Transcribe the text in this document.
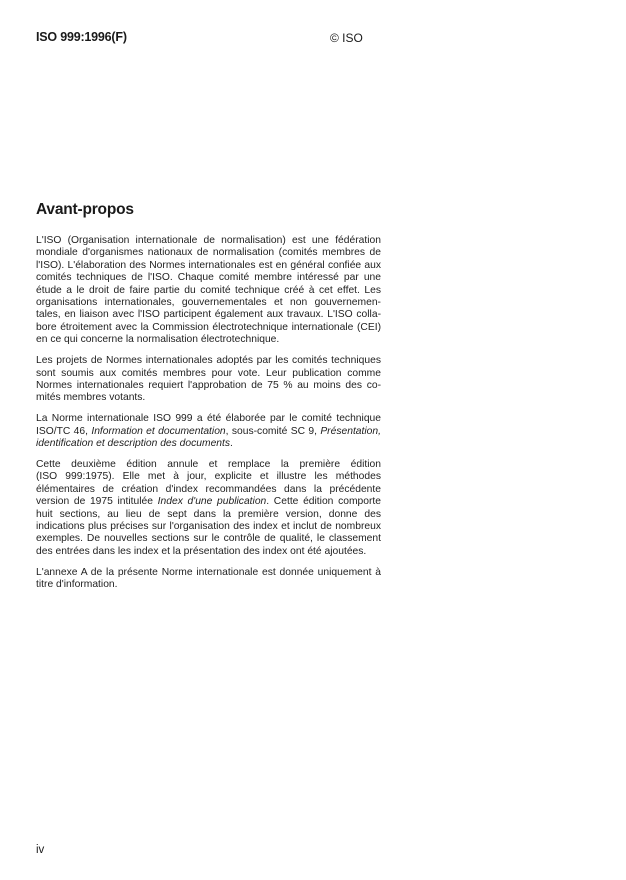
ISO 999:1996(F)	© ISO
Avant-propos
L'ISO (Organisation internationale de normalisation) est une fédération
mondiale d'organismes nationaux de normalisation (comités membres de
l'ISO). L'élaboration des Normes internationales est en général confiée aux
comités techniques de l'ISO. Chaque comité membre intéressé par une
étude a le droit de faire partie du comité technique créé à cet effet. Les
organisations internationales, gouvernementales et non gouvernemen-
tales, en liaison avec l'ISO participent également aux travaux. L'ISO colla-
bore étroitement avec la Commission électrotechnique internationale (CEI)
en ce qui concerne la normalisation électrotechnique.
Les projets de Normes internationales adoptés par les comités techniques
sont soumis aux comités membres pour vote. Leur publication comme
Normes internationales requiert l'approbation de 75 % au moins des co-
mités membres votants.
La Norme internationale ISO 999 a été élaborée par le comité technique
ISO/TC 46, Information et documentation, sous-comité SC 9, Présentation,
identification et description des documents.
Cette deuxième édition annule et remplace la première édition
(ISO 999:1975). Elle met à jour, explicite et illustre les méthodes
élémentaires de création d'index recommandées dans la précédente
version de 1975 intitulée Index d'une publication. Cette édition comporte
huit sections, au lieu de sept dans la première version, donne des
indications plus précises sur l'organisation des index et inclut de nombreux
exemples. De nouvelles sections sur le contrôle de qualité, le classement
des entrées dans les index et la présentation des index ont été ajoutées.
L'annexe A de la présente Norme internationale est donnée uniquement à
titre d'information.
iv
